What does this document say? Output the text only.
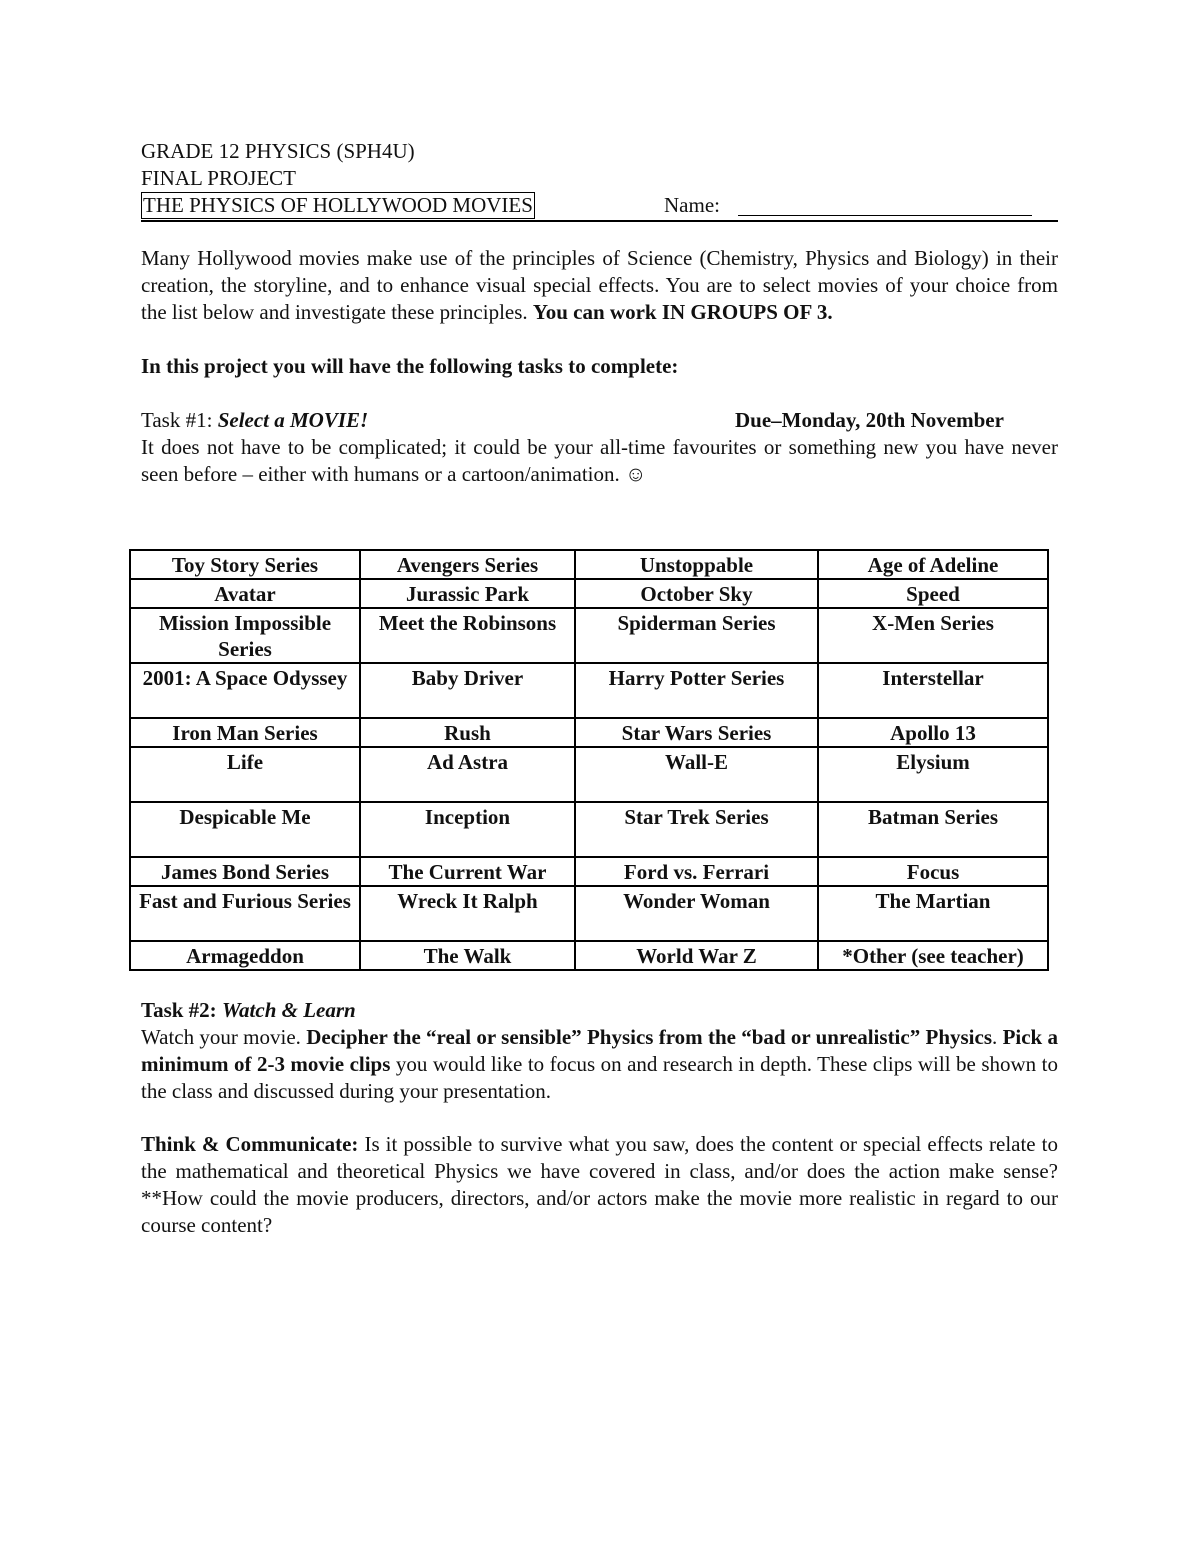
GRADE 12 PHYSICS (SPH4U)
FINAL PROJECT
THE PHYSICS OF HOLLYWOOD MOVIES	Name:

Many Hollywood movies make use of the principles of Science (Chemistry, Physics and Biology) in their creation, the storyline, and to enhance visual special effects. You are to select movies of your choice from the list below and investigate these principles. You can work IN GROUPS OF 3.

In this project you will have the following tasks to complete:

Task #1: Select a MOVIE!	Due–Monday, 20th November

It does not have to be complicated; it could be your all-time favourites or something new you have never seen before – either with humans or a cartoon/animation. ☺

Toy Story Series	Avengers Series	Unstoppable	Age of Adeline
Avatar	Jurassic Park	October Sky	Speed
Mission Impossible Series	Meet the Robinsons	Spiderman Series	X-Men Series
2001: A Space Odyssey	Baby Driver	Harry Potter Series	Interstellar
Iron Man Series	Rush	Star Wars Series	Apollo 13
Life	Ad Astra	Wall-E	Elysium
Despicable Me	Inception	Star Trek Series	Batman Series
James Bond Series	The Current War	Ford vs. Ferrari	Focus
Fast and Furious Series	Wreck It Ralph	Wonder Woman	The Martian
Armageddon	The Walk	World War Z	*Other (see teacher)
Task #2: Watch & Learn

Watch your movie. Decipher the “real or sensible” Physics from the “bad or unrealistic” Physics. Pick a minimum of 2-3 movie clips you would like to focus on and research in depth. These clips will be shown to the class and discussed during your presentation.

Think & Communicate: Is it possible to survive what you saw, does the content or special effects relate to the mathematical and theoretical Physics we have covered in class, and/or does the action make sense? **How could the movie producers, directors, and/or actors make the movie more realistic in regard to our course content?
